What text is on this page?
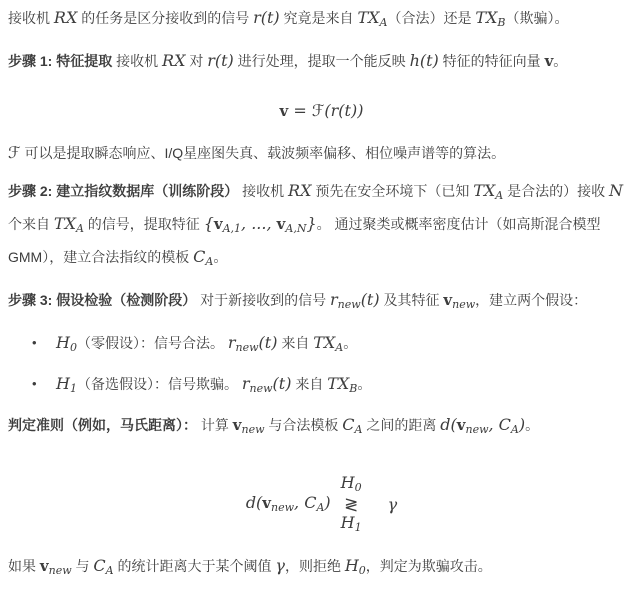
接收机 RX 的任务是区分接收到的信号 r(t) 究竟是来自 $TX_A$（合法）还是 $TX_B$（欺骗）。

步骤 1: 特征提取 接收机 RX 对 r(t) 进行处理，提取一个能反映 h(t) 特征的特征向量 v。

v = ℱ(r(t))

ℱ 可以是提取瞬态响应、I/Q星座图失真、载波频率偏移、相位噪声谱等的算法。

步骤 2: 建立指纹数据库（训练阶段） 接收机 RX 预先在安全环境下（已知 $TX_A$ 是合法的）接收 N 个来自 $TX_A$ 的信号，提取特征 {$v_{A,1}$, ..., $v_{A,N}$}。 通过聚类或概率密度估计（如高斯混合模型 GMM），建立合法指纹的模板 $C_A$。

步骤 3: 假设检验（检测阶段） 对于新接收到的信号 $r_{new}(t)$ 及其特征 $v_{new}$，建立两个假设：

•	$H_0$（零假设）：信号合法。 $r_{new}(t)$ 来自 $TX_A$。
•	$H_1$（备选假设）：信号欺骗。 $r_{new}(t)$ 来自 $TX_B$。

判定准则（例如，马氏距离）： 计算 $v_{new}$ 与合法模板 $C_A$ 之间的距离 $d(v_{new}$, $C_A$)。

$d(v_{new}$, $C_A$)
$H_0$
≷
$H_1$
γ

如果 $v_{new}$ 与 $C_A$ 的统计距离大于某个阈值 γ，则拒绝 $H_0$，判定为欺骗攻击。
